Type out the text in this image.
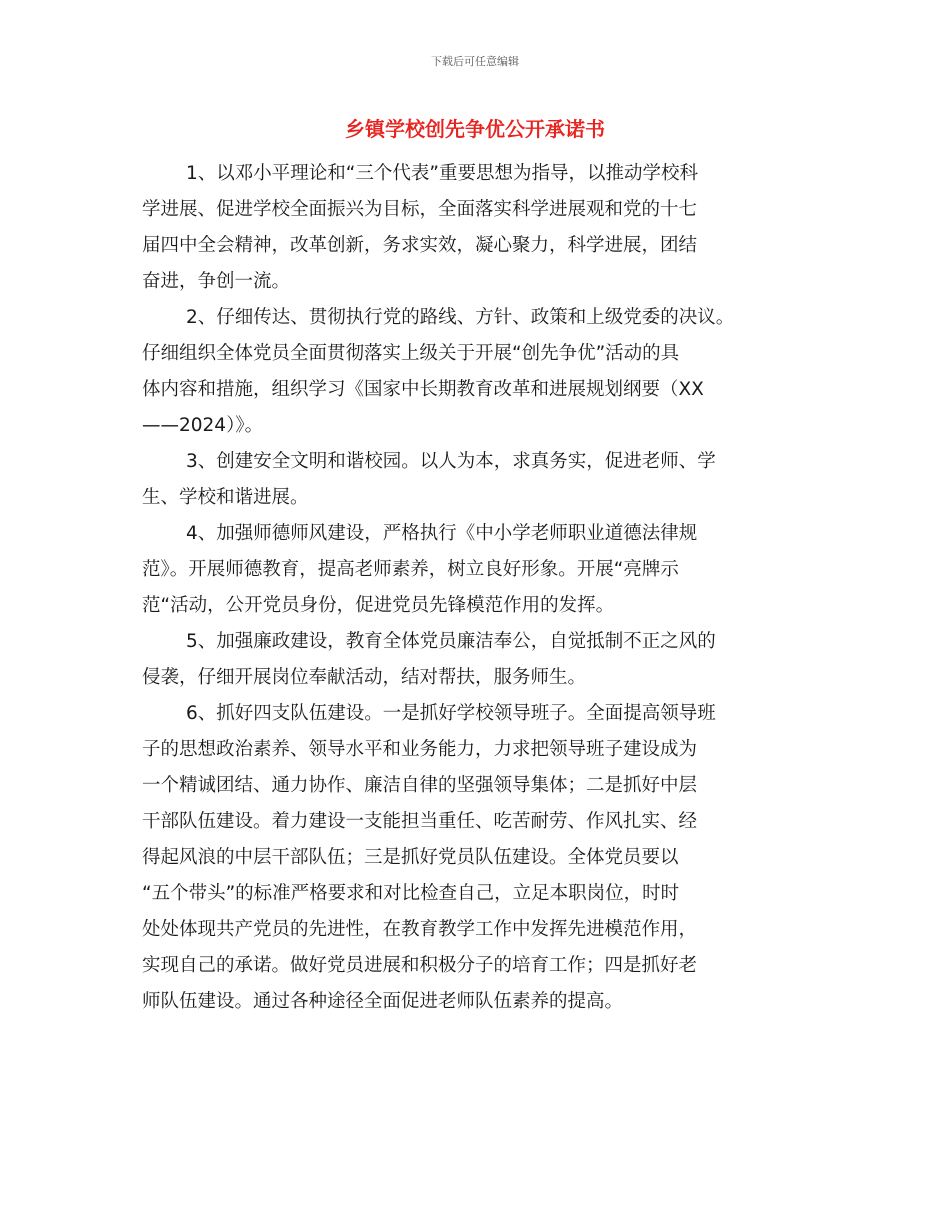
下载后可任意编辑
乡镇学校创先争优公开承诺书
1、以邓小平理论和“三个代表”重要思想为指导，以推动学校科
学进展、促进学校全面振兴为目标，全面落实科学进展观和党的十七
届四中全会精神，改革创新，务求实效，凝心聚力，科学进展，团结
奋进，争创一流。
2、仔细传达、贯彻执行党的路线、方针、政策和上级党委的决议。
仔细组织全体党员全面贯彻落实上级关于开展“创先争优”活动的具
体内容和措施，组织学习《国家中长期教育改革和进展规划纲要（XX
——2024）》。
3、创建安全文明和谐校园。以人为本，求真务实，促进老师、学
生、学校和谐进展。
4、加强师德师风建设，严格执行《中小学老师职业道德法律规
范》。开展师德教育，提高老师素养，树立良好形象。开展“亮牌示
范“活动，公开党员身份，促进党员先锋模范作用的发挥。
5、加强廉政建设，教育全体党员廉洁奉公，自觉抵制不正之风的
侵袭，仔细开展岗位奉献活动，结对帮扶，服务师生。
6、抓好四支队伍建设。一是抓好学校领导班子。全面提高领导班
子的思想政治素养、领导水平和业务能力，力求把领导班子建设成为
一个精诚团结、通力协作、廉洁自律的坚强领导集体；二是抓好中层
干部队伍建设。着力建设一支能担当重任、吃苦耐劳、作风扎实、经
得起风浪的中层干部队伍；三是抓好党员队伍建设。全体党员要以
“五个带头”的标准严格要求和对比检查自己，立足本职岗位，时时
处处体现共产党员的先进性，在教育教学工作中发挥先进模范作用，
实现自己的承诺。做好党员进展和积极分子的培育工作；四是抓好老
师队伍建设。通过各种途径全面促进老师队伍素养的提高。
